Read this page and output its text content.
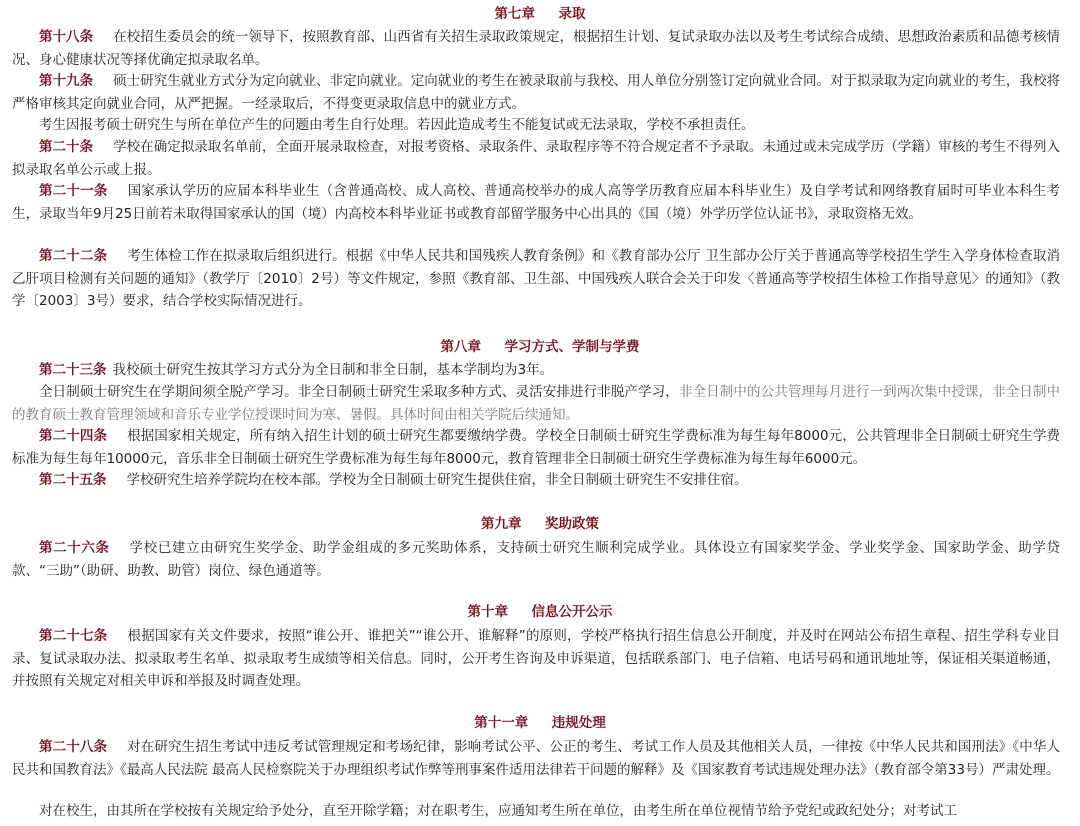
第七章     录取
第十八条 在校招生委员会的统一领导下，按照教育部、山西省有关招生录取政策规定，根据招生计划、复试录取办法以及考生考试综合成绩、思想政治素质和品德考核情况、身心健康状况等择优确定拟录取名单。
第十九条 硕士研究生就业方式分为定向就业、非定向就业。定向就业的考生在被录取前与我校、用人单位分别签订定向就业合同。对于拟录取为定向就业的考生，我校将严格审核其定向就业合同，从严把握。一经录取后，不得变更录取信息中的就业方式。
考生因报考硕士研究生与所在单位产生的问题由考生自行处理。若因此造成考生不能复试或无法录取，学校不承担责任。
第二十条 学校在确定拟录取名单前，全面开展录取检查，对报考资格、录取条件、录取程序等不符合规定者不予录取。未通过或未完成学历（学籍）审核的考生不得列入拟录取名单公示或上报。
第二十一条 国家承认学历的应届本科毕业生（含普通高校、成人高校、普通高校举办的成人高等学历教育应届本科毕业生）及自学考试和网络教育届时可毕业本科生考生，录取当年9月25日前若未取得国家承认的国（境）内高校本科毕业证书或教育部留学服务中心出具的《国（境）外学历学位认证书》，录取资格无效。
第二十二条 考生体检工作在拟录取后组织进行。根据《中华人民共和国残疾人教育条例》和《教育部办公厅 卫生部办公厅关于普通高等学校招生学生入学身体检查取消乙肝项目检测有关问题的通知》（教学厅〔2010〕2号）等文件规定，参照《教育部、卫生部、中国残疾人联合会关于印发〈普通高等学校招生体检工作指导意见〉的通知》（教学〔2003〕3号）要求，结合学校实际情况进行。
第八章     学习方式、学制与学费
第二十三条 我校硕士研究生按其学习方式分为全日制和非全日制，基本学制均为3年。
全日制硕士研究生在学期间须全脱产学习。非全日制硕士研究生采取多种方式、灵活安排进行非脱产学习，非全日制中的公共管理每月进行一到两次集中授课，非全日制中的教育硕士教育管理领域和音乐专业学位授课时间为寒、暑假。具体时间由相关学院后续通知。
第二十四条 根据国家相关规定，所有纳入招生计划的硕士研究生都要缴纳学费。学校全日制硕士研究生学费标准为每生每年8000元，公共管理非全日制硕士研究生学费标准为每生每年10000元，音乐非全日制硕士研究生学费标准为每生每年8000元，教育管理非全日制硕士研究生学费标准为每生每年6000元。
第二十五条 学校研究生培养学院均在校本部。学校为全日制硕士研究生提供住宿，非全日制硕士研究生不安排住宿。
第九章     奖助政策
第二十六条 学校已建立由研究生奖学金、助学金组成的多元奖助体系，支持硕士研究生顺利完成学业。具体设立有国家奖学金、学业奖学金、国家助学金、助学贷款、“三助”（助研、助教、助管）岗位、绿色通道等。
第十章     信息公开公示
第二十七条 根据国家有关文件要求，按照“谁公开、谁把关”“谁公开、谁解释”的原则，学校严格执行招生信息公开制度，并及时在网站公布招生章程、招生学科专业目录、复试录取办法、拟录取考生名单、拟录取考生成绩等相关信息。同时，公开考生咨询及申诉渠道，包括联系部门、电子信箱、电话号码和通讯地址等，保证相关渠道畅通，并按照有关规定对相关申诉和举报及时调查处理。
第十一章     违规处理
第二十八条 对在研究生招生考试中违反考试管理规定和考场纪律，影响考试公平、公正的考生、考试工作人员及其他相关人员，一律按《中华人民共和国刑法》《中华人民共和国教育法》《最高人民法院 最高人民检察院关于办理组织考试作弊等刑事案件适用法律若干问题的解释》及《国家教育考试违规处理办法》（教育部令第33号）严肃处理。
对在校生，由其所在学校按有关规定给予处分，直至开除学籍；对在职考生，应通知考生所在单位，由考生所在单位视情节给予党纪或政纪处分；对考试工
